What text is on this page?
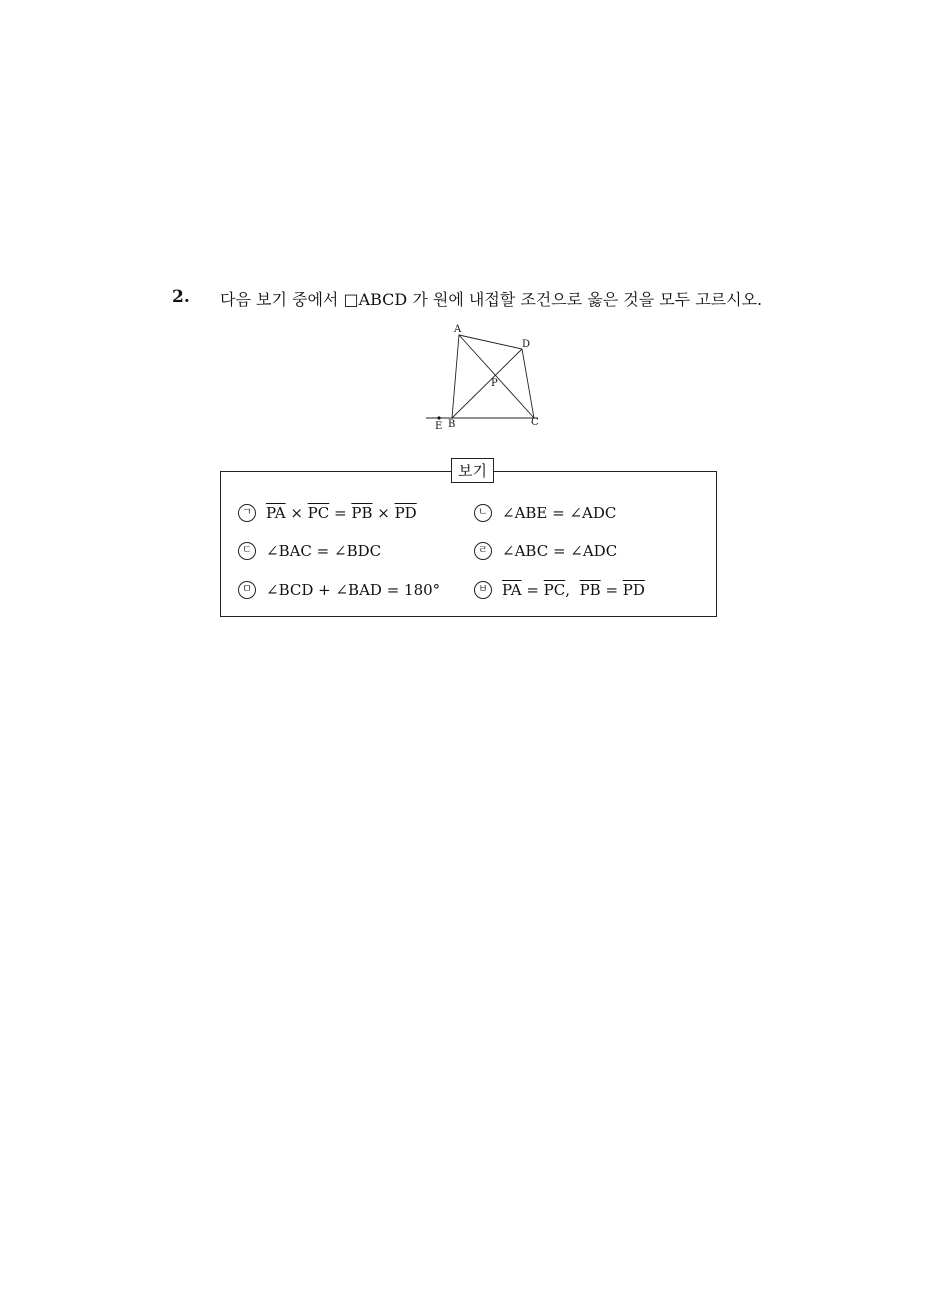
2. 다음 보기 중에서 □ABCD 가 원에 내접할 조건으로 옳은 것을 모두 고르시오.
A
D
P
E B	C
보기
ㄱ $\overline{PA} \times \overline{PC} = \overline{PB} \times \overline{PD}$	ㄴ ∠ABE = ∠ADC
ㄷ ∠BAC = ∠BDC	ㄹ ∠ABC = ∠ADC
ㅁ ∠BCD + ∠BAD = 180°	ㅂ $\overline{PA} = \overline{PC}$ , $\overline{PB} = \overline{PD}$
